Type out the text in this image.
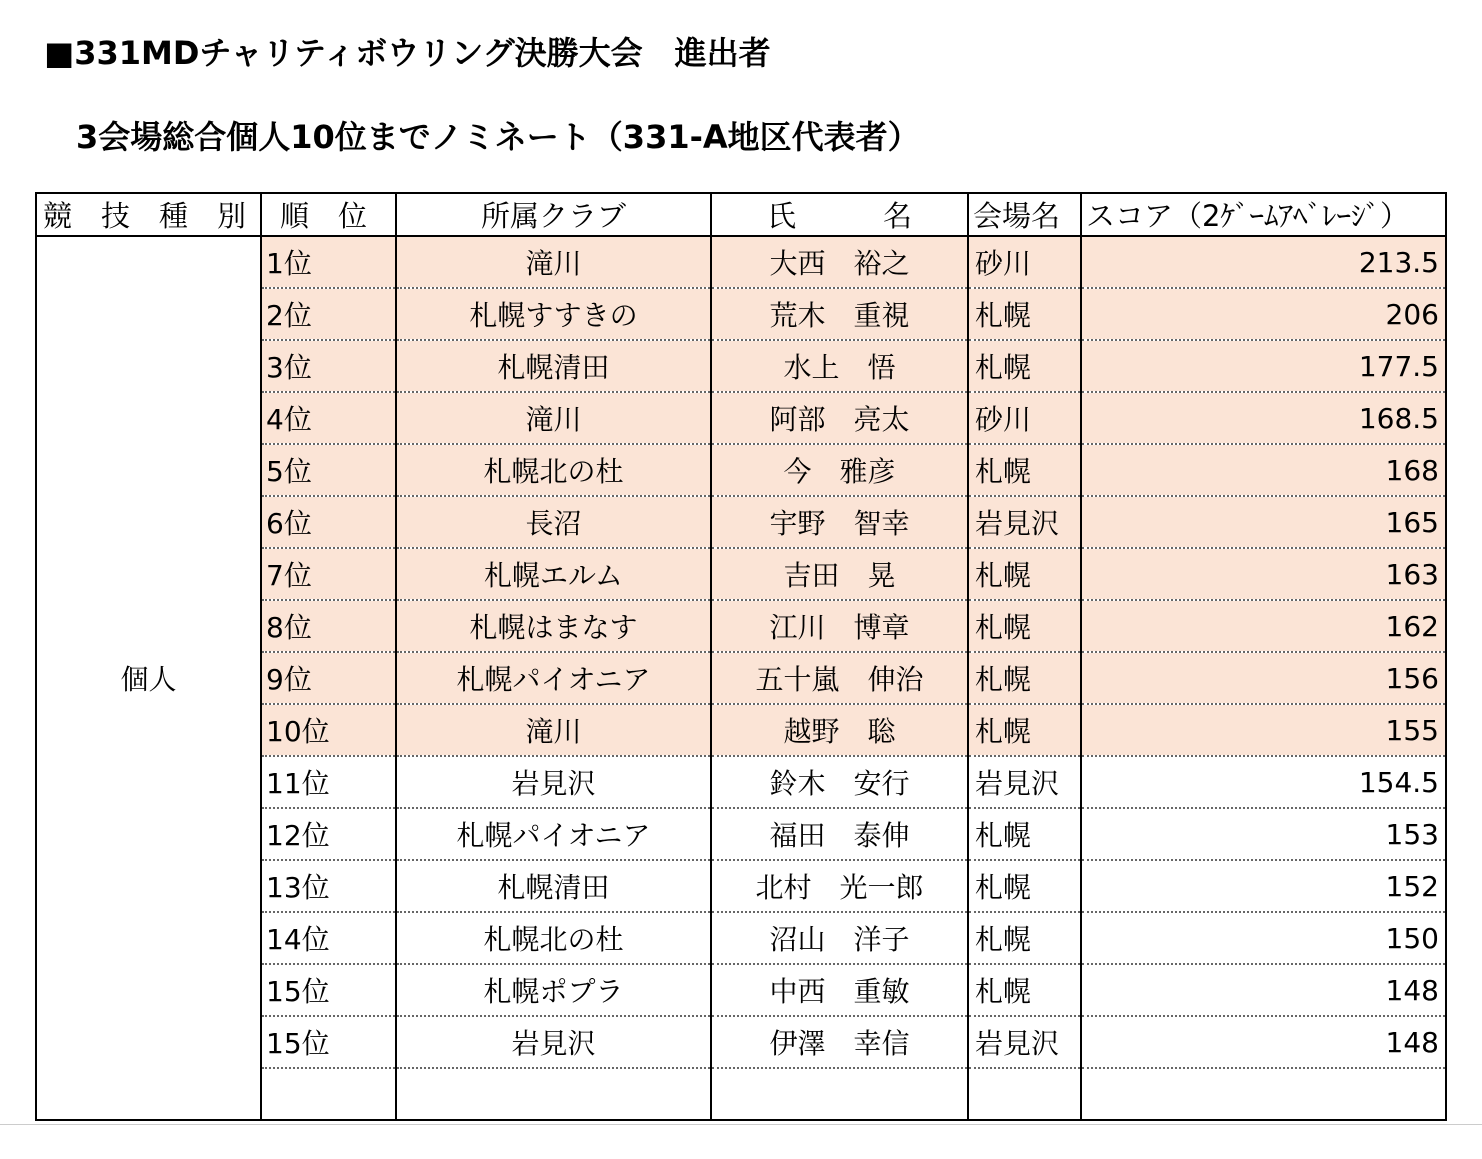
■331MDチャリティボウリング決勝大会　進出者
3会場総合個人10位までノミネート（331-A地区代表者）
競　技　種　別	順　位	所属クラブ	氏　　　名	会場名	スコア（2ｹﾞｰﾑｱﾍﾞﾚｰｼﾞ）
個人	1位	滝川	大西　裕之	砂川	213.5
	2位	札幌すすきの	荒木　重視	札幌	206
	3位	札幌清田	水上　悟	札幌	177.5
	4位	滝川	阿部　亮太	砂川	168.5
	5位	札幌北の杜	今　雅彦	札幌	168
	6位	長沼	宇野　智幸	岩見沢	165
	7位	札幌エルム	吉田　晃	札幌	163
	8位	札幌はまなす	江川　博章	札幌	162
	9位	札幌パイオニア	五十嵐　伸治	札幌	156
	10位	滝川	越野　聡	札幌	155
	11位	岩見沢	鈴木　安行	岩見沢	154.5
	12位	札幌パイオニア	福田　泰伸	札幌	153
	13位	札幌清田	北村　光一郎	札幌	152
	14位	札幌北の杜	沼山　洋子	札幌	150
	15位	札幌ポプラ	中西　重敏	札幌	148
	15位	岩見沢	伊澤　幸信	岩見沢	148
